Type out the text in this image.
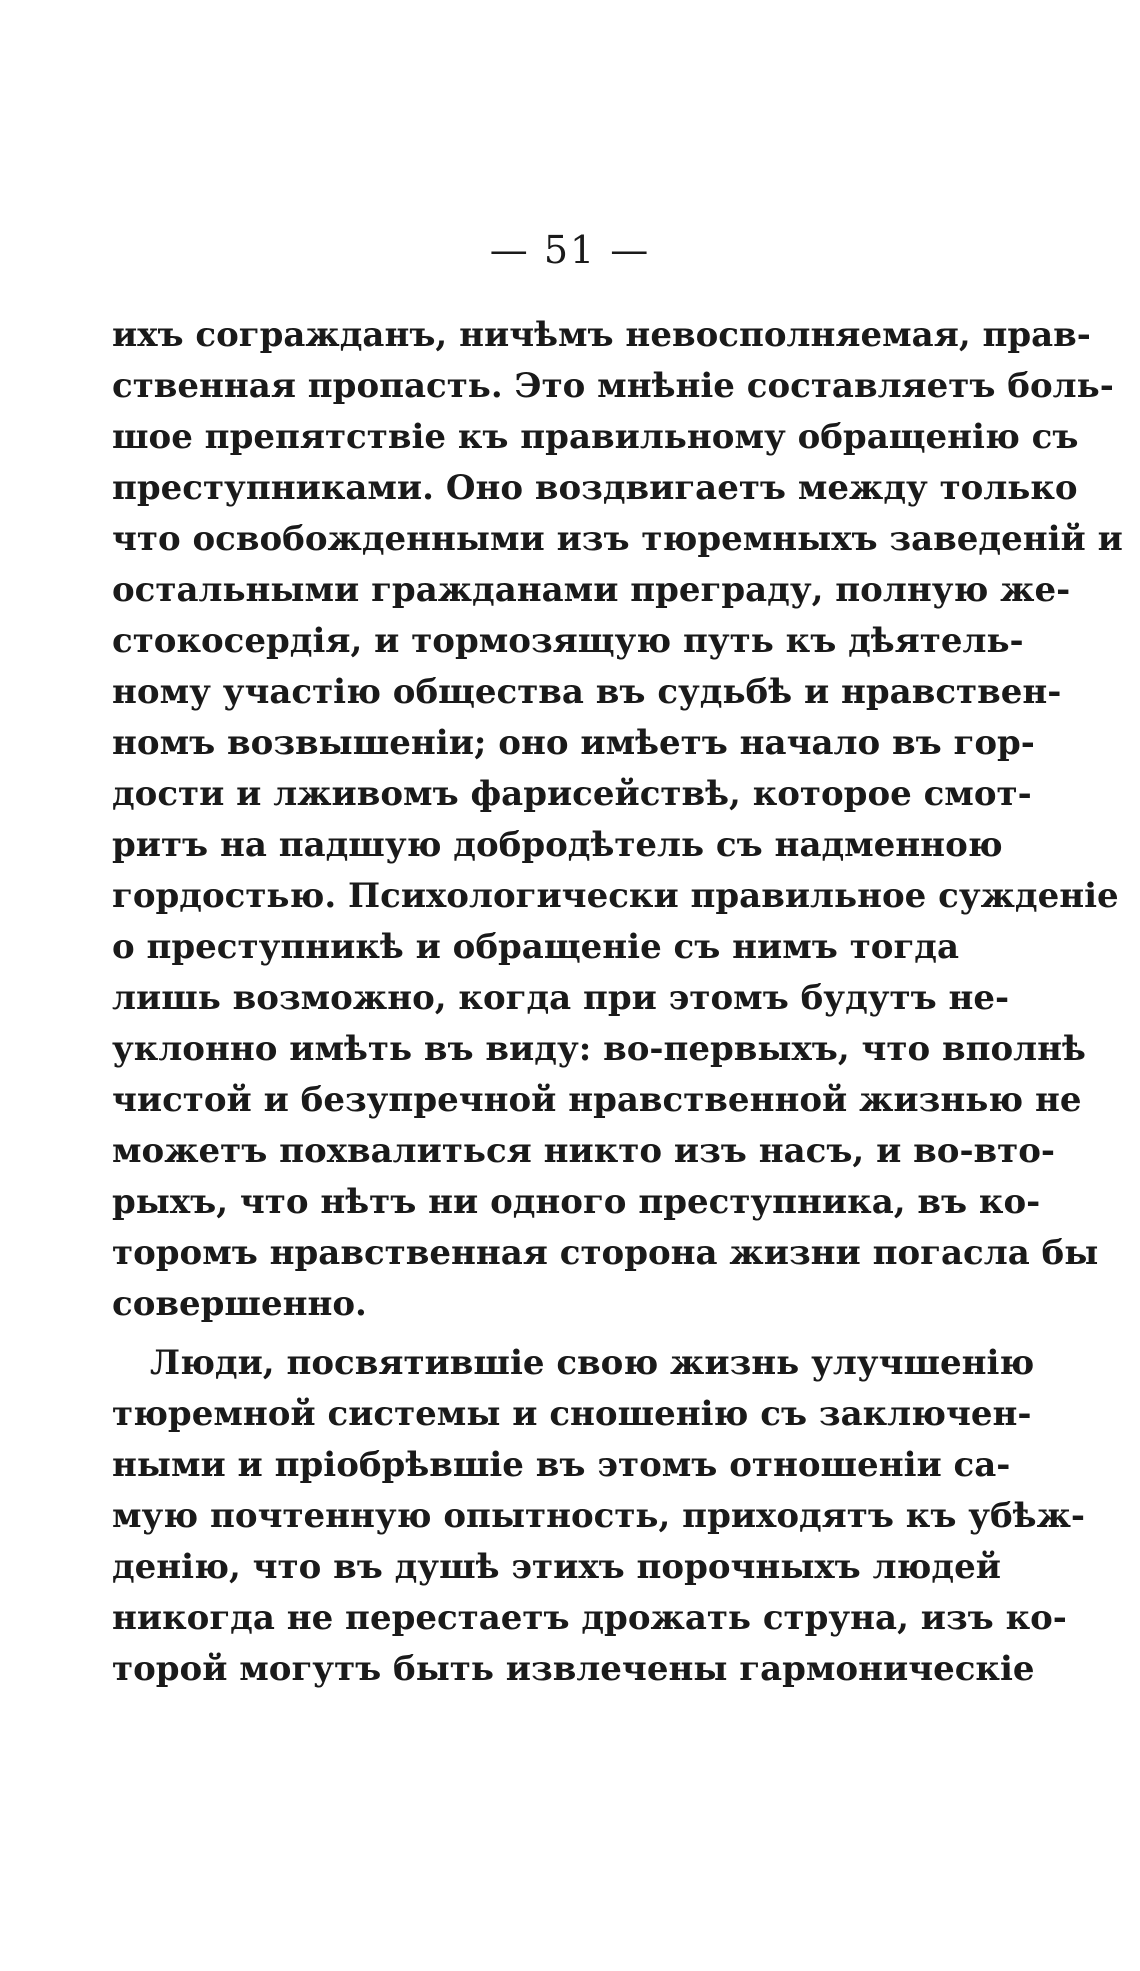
— 51 —
ихъ согражданъ, ничѣмъ невосполняемая, прав-
ственная пропасть. Это мнѣніе составляетъ боль-
шое препятствіе къ правильному обращенію съ
преступниками. Оно воздвигаетъ между только
что освобожденными изъ тюремныхъ заведеній и
остальными гражданами преграду, полную же-
стокосердія, и тормозящую путь къ дѣятель-
ному участію общества въ судьбѣ и нравствен-
номъ возвышеніи; оно имѣетъ начало въ гор-
дости и лживомъ фарисействѣ, которое смот-
ритъ на падшую добродѣтель съ надменною
гордостью. Психологически правильное сужденіе
о преступникѣ и обращеніе съ нимъ тогда
лишь возможно, когда при этомъ будутъ не-
уклонно имѣть въ виду: во-первыхъ, что вполнѣ
чистой и безупречной нравственной жизнью не
можетъ похвалиться никто изъ насъ, и во-вто-
рыхъ, что нѣтъ ни одного преступника, въ ко-
торомъ нравственная сторона жизни погасла бы
совершенно.
Люди, посвятившіе свою жизнь улучшенію
тюремной системы и сношенію съ заключен-
ными и пріобрѣвшіе въ этомъ отношеніи са-
мую почтенную опытность, приходятъ къ убѣж-
денію, что въ душѣ этихъ порочныхъ людей
никогда не перестаетъ дрожать струна, изъ ко-
торой могутъ быть извлечены гармоническіе
